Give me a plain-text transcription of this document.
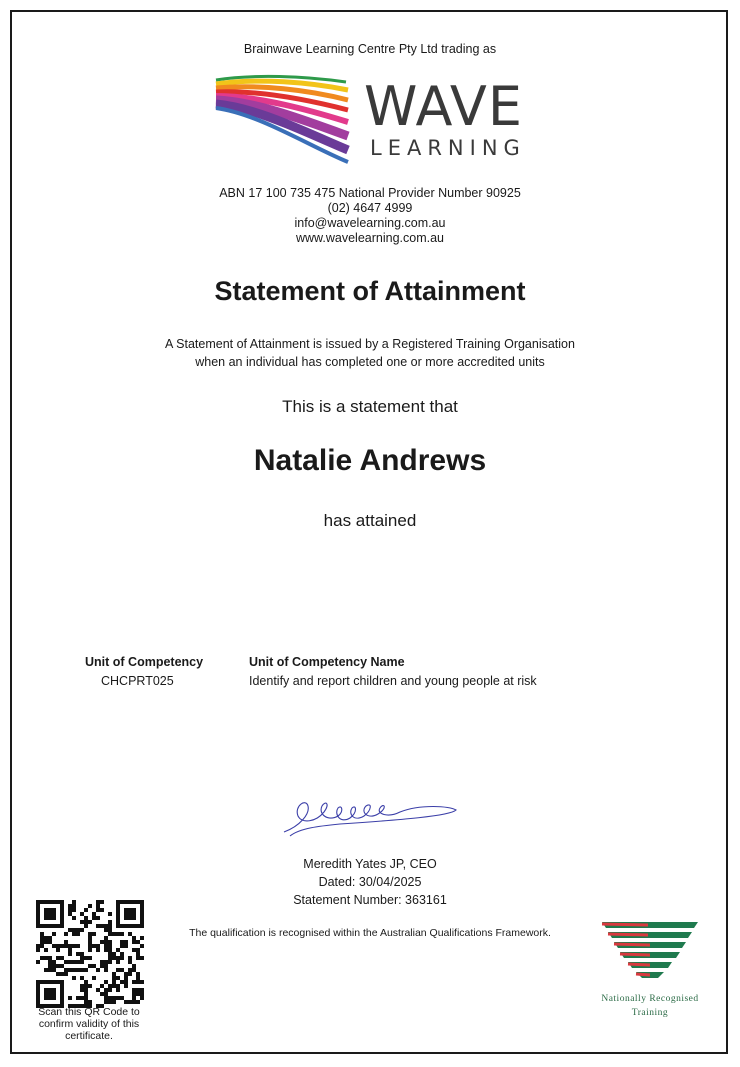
Brainwave Learning Centre Pty Ltd trading as
WAVE
LEARNING
ABN 17 100 735 475 National Provider Number 90925
(02) 4647 4999
info@wavelearning.com.au
www.wavelearning.com.au
Statement of Attainment
A Statement of Attainment is issued by a Registered Training Organisation
when an individual has completed one or more accredited units
This is a statement that
Natalie Andrews
has attained
Unit of Competency	Unit of Competency Name
CHCPRT025	Identify and report children and young people at risk
Meredith Yates JP, CEO
Dated: 30/04/2025
Statement Number: 363161
Scan this QR Code to confirm validity of this certificate.
The qualification is recognised within the Australian Qualifications Framework.
Nationally Recognised
Training
